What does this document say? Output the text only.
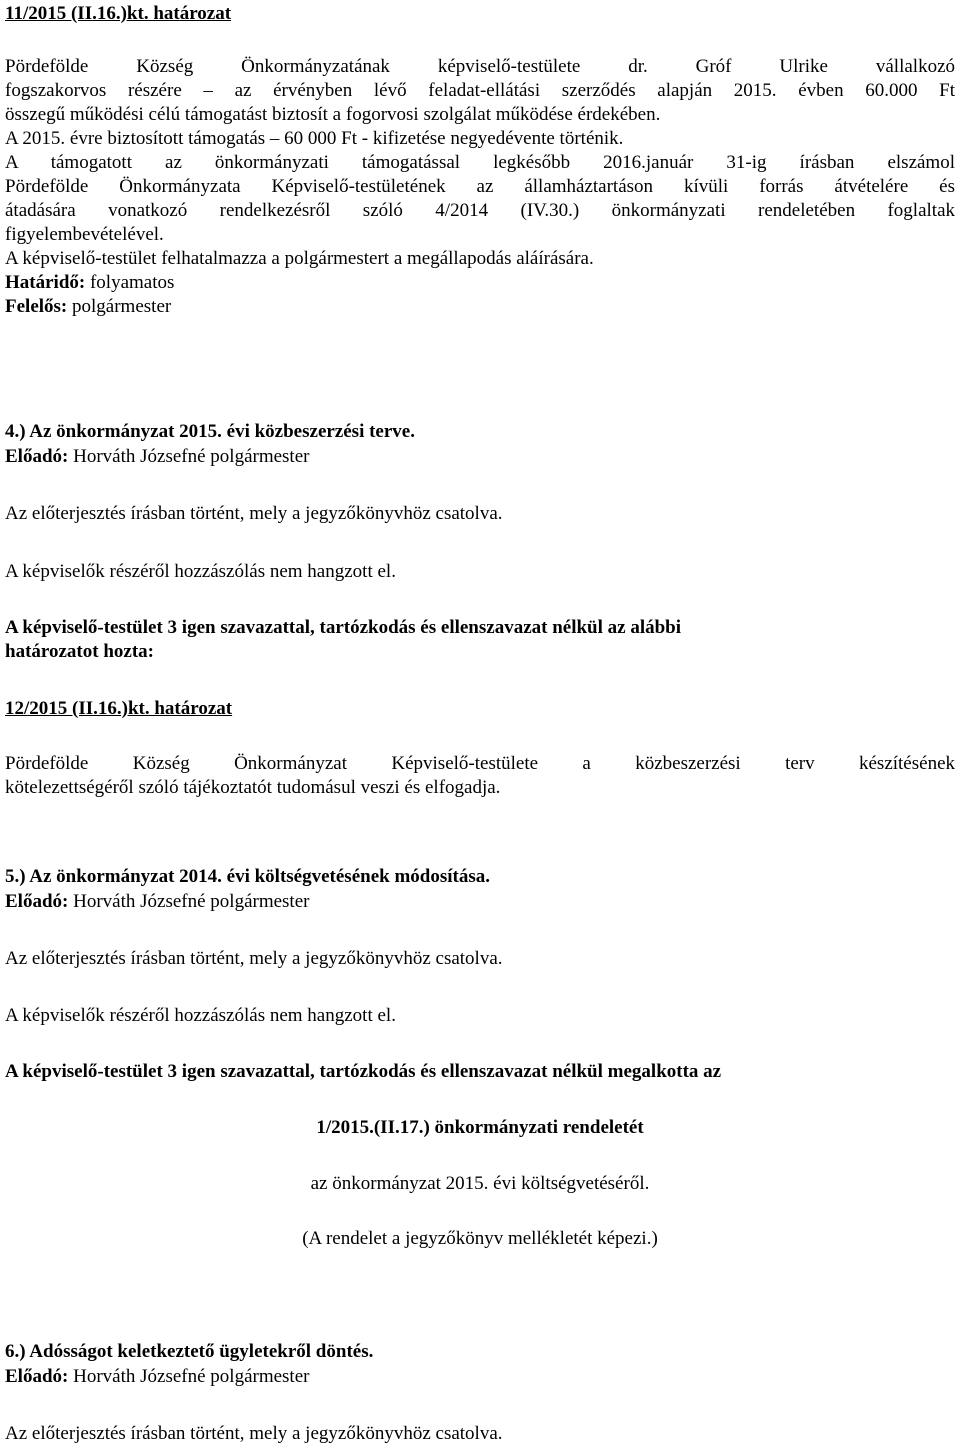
11/2015 (II.16.)kt. határozat
Pördefölde Község Önkormányzatának képviselő-testülete dr. Gróf Ulrike vállalkozó
fogszakorvos részére – az érvényben lévő feladat-ellátási szerződés alapján 2015. évben 60.000 Ft
összegű működési célú támogatást biztosít a fogorvosi szolgálat működése érdekében.
A 2015. évre biztosított támogatás – 60 000 Ft - kifizetése negyedévente történik.
A támogatott az önkormányzati támogatással legkésőbb 2016.január 31-ig írásban elszámol
Pördefölde Önkormányzata Képviselő-testületének az államháztartáson kívüli forrás átvételére és
átadására vonatkozó rendelkezésről szóló 4/2014 (IV.30.) önkormányzati rendeletében foglaltak
figyelembevételével.
A képviselő-testület felhatalmazza a polgármestert a megállapodás aláírására.
Határidő: folyamatos
Felelős: polgármester
4.) Az önkormányzat 2015. évi közbeszerzési terve.
Előadó: Horváth Józsefné polgármester
Az előterjesztés írásban történt, mely a jegyzőkönyvhöz csatolva.
A képviselők részéről hozzászólás nem hangzott el.
A képviselő-testület 3 igen szavazattal, tartózkodás és ellenszavazat nélkül az alábbi
határozatot hozta:
12/2015 (II.16.)kt. határozat
Pördefölde Község Önkormányzat Képviselő-testülete a közbeszerzési terv készítésének
kötelezettségéről szóló tájékoztatót tudomásul veszi és elfogadja.
5.) Az önkormányzat 2014. évi költségvetésének módosítása.
Előadó: Horváth Józsefné polgármester
Az előterjesztés írásban történt, mely a jegyzőkönyvhöz csatolva.
A képviselők részéről hozzászólás nem hangzott el.
A képviselő-testület 3 igen szavazattal, tartózkodás és ellenszavazat nélkül megalkotta az
1/2015.(II.17.) önkormányzati rendeletét
az önkormányzat 2015. évi költségvetéséről.
(A rendelet a jegyzőkönyv mellékletét képezi.)
6.) Adósságot keletkeztető ügyletekről döntés.
Előadó: Horváth Józsefné polgármester
Az előterjesztés írásban történt, mely a jegyzőkönyvhöz csatolva.
